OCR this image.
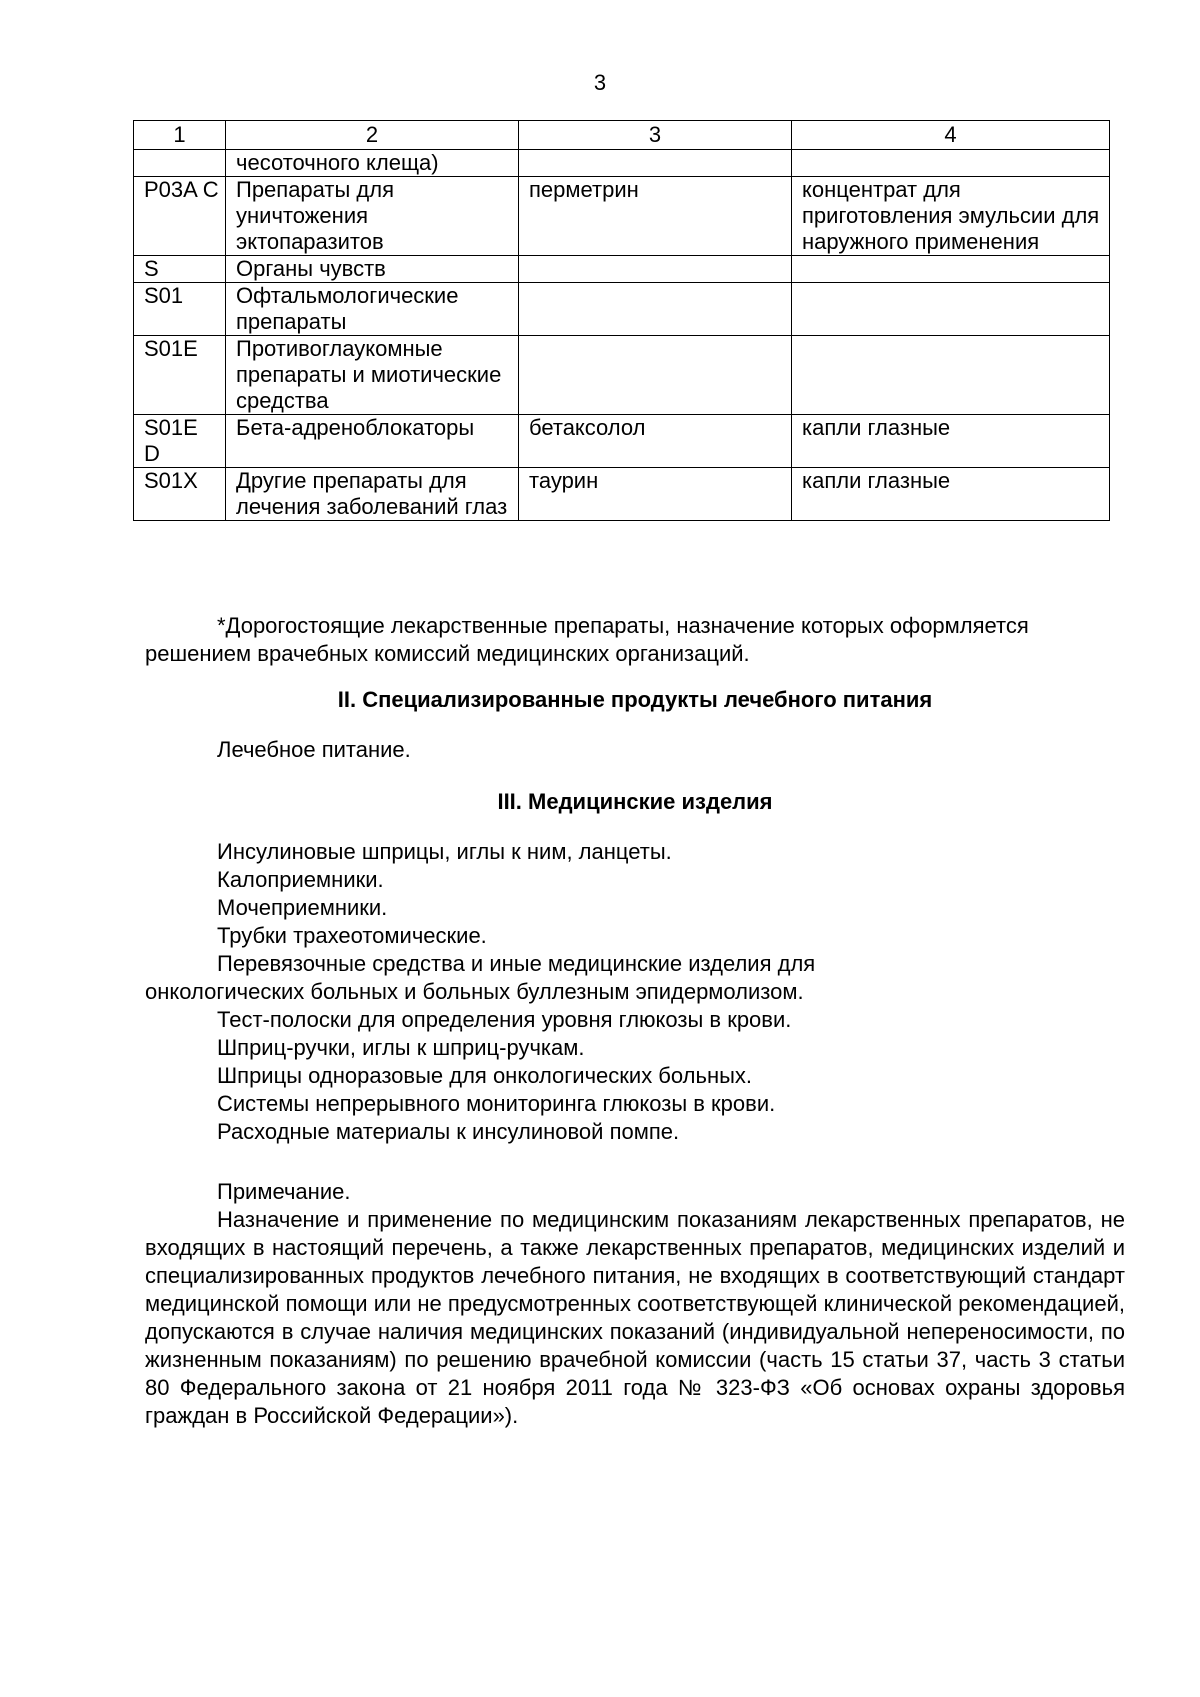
3
1	2	3	4
	чесоточного клеща)		
P03A C	Препараты для уничтожения эктопаразитов	перметрин	концентрат для приготовления эмульсии для наружного применения
S	Органы чувств		
S01	Офтальмологические препараты		
S01E	Противоглаукомные препараты и миотические средства		
S01E D	Бета-адреноблокаторы	бетаксолол	капли глазные
S01X	Другие препараты для лечения заболеваний глаз	таурин	капли глазные

*Дорогостоящие лекарственные препараты, назначение которых оформляется решением врачебных комиссий медицинских организаций.

II. Специализированные продукты лечебного питания

Лечебное питание.

III. Медицинские изделия

Инсулиновые шприцы, иглы к ним, ланцеты.

Калоприемники.

Мочеприемники.

Трубки трахеотомические.

Перевязочные средства и иные медицинские изделия для онкологических больных и больных буллезным эпидермолизом.

Тест-полоски для определения уровня глюкозы в крови.

Шприц-ручки, иглы к шприц-ручкам.

Шприцы одноразовые для онкологических больных.

Системы непрерывного мониторинга глюкозы в крови.

Расходные материалы к инсулиновой помпе.

Примечание.

Назначение и применение по медицинским показаниям лекарственных препаратов, не входящих в настоящий перечень, а также лекарственных препаратов, медицинских изделий и специализированных продуктов лечебного питания, не входящих в соответствующий стандарт медицинской помощи или не предусмотренных соответствующей клинической рекомендацией, допускаются в случае наличия медицинских показаний (индивидуальной непереносимости, по жизненным показаниям) по решению врачебной комиссии (часть 15 статьи 37, часть 3 статьи 80 Федерального закона от 21 ноября 2011 года № 323-ФЗ «Об основах охраны здоровья граждан в Российской Федерации»).
